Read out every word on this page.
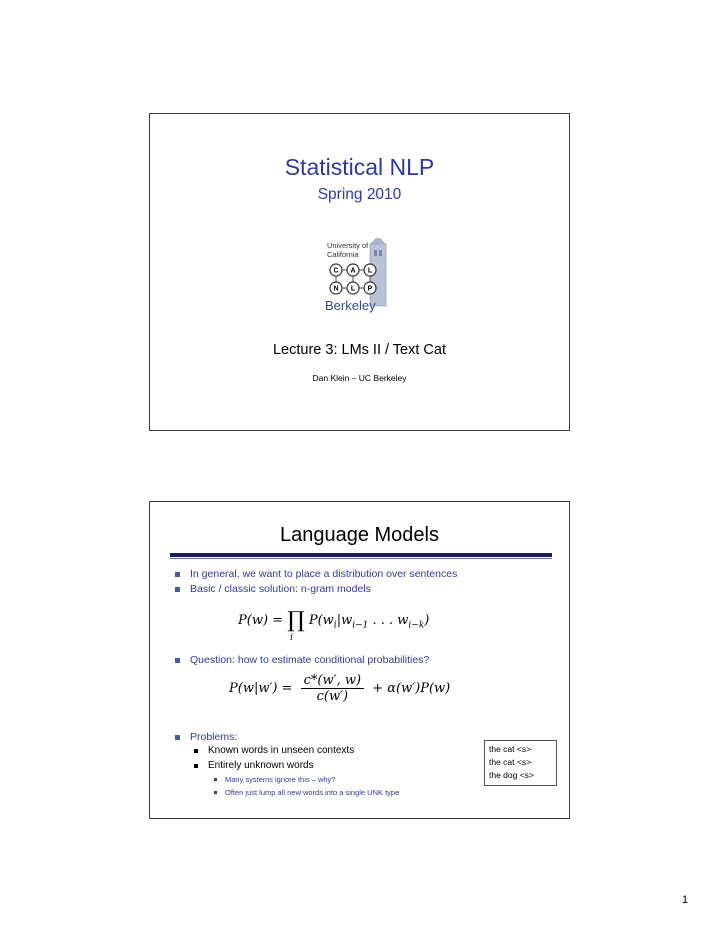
Statistical NLP
Spring 2010
University of
California
C A L
N L P
Berkeley
Lecture 3: LMs II / Text Cat
Dan Klein – UC Berkeley
Language Models
In general, we want to place a distribution over sentences
Basic / classic solution: n-gram models
P(w) = ∏ $P(w_i|w_{i-1}$ . . . $w_{i-k}$)
i
Question: how to estimate conditional probabilities?
$P(w|w') = \frac{c*(w', w)}{c(w')} + \alpha(w')P(w)$
Problems:
Known words in unseen contexts
Entirely unknown words
Many systems ignore this – why?
Often just lump all new words into a single UNK type
the cat <s>
the cat <s>
the dog <s>
1
